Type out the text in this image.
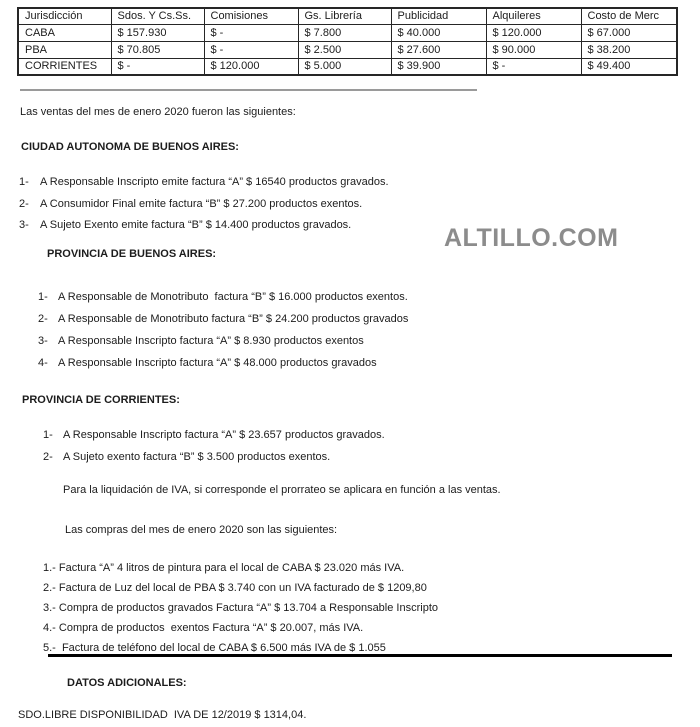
Jurisdicción	Sdos. Y Cs.Ss.	Comisiones	Gs. Librería	Publicidad	Alquileres	Costo de Merc
CABA	$ 157.930	$ -	$ 7.800	$ 40.000	$ 120.000	$ 67.000
PBA	$ 70.805	$ -	$ 2.500	$ 27.600	$ 90.000	$ 38.200
CORRIENTES	$ -	$ 120.000	$ 5.000	$ 39.900	$ -	$ 49.400
Las ventas del mes de enero 2020 fueron las siguientes:
CIUDAD AUTONOMA DE BUENOS AIRES:
1-	A Responsable Inscripto emite factura “A” $ 16540 productos gravados.
2-	A Consumidor Final emite factura “B” $ 27.200 productos exentos.
3-	A Sujeto Exento emite factura “B” $ 14.400 productos gravados.	ALTILLO.COM
PROVINCIA DE BUENOS AIRES:
1- A Responsable de Monotributo  factura “B” $ 16.000 productos exentos.
2- A Responsable de Monotributo factura “B” $ 24.200 productos gravados
3- A Responsable Inscripto factura “A” $ 8.930 productos exentos
4- A Responsable Inscripto factura “A” $ 48.000 productos gravados
PROVINCIA DE CORRIENTES:
1- A Responsable Inscripto factura “A” $ 23.657 productos gravados.
2- A Sujeto exento factura “B” $ 3.500 productos exentos.
Para la liquidación de IVA, si corresponde el prorrateo se aplicara en función a las ventas.
Las compras del mes de enero 2020 son las siguientes:
1.- Factura “A” 4 litros de pintura para el local de CABA $ 23.020 más IVA.
2.- Factura de Luz del local de PBA $ 3.740 con un IVA facturado de $ 1209,80
3.- Compra de productos gravados Factura “A” $ 13.704 a Responsable Inscripto
4.- Compra de productos  exentos Factura “A” $ 20.007, más IVA.
5.-  Factura de teléfono del local de CABA $ 6.500 más IVA de $ 1.055
DATOS ADICIONALES:
SDO.LIBRE DISPONIBILIDAD  IVA DE 12/2019 $ 1314,04.
